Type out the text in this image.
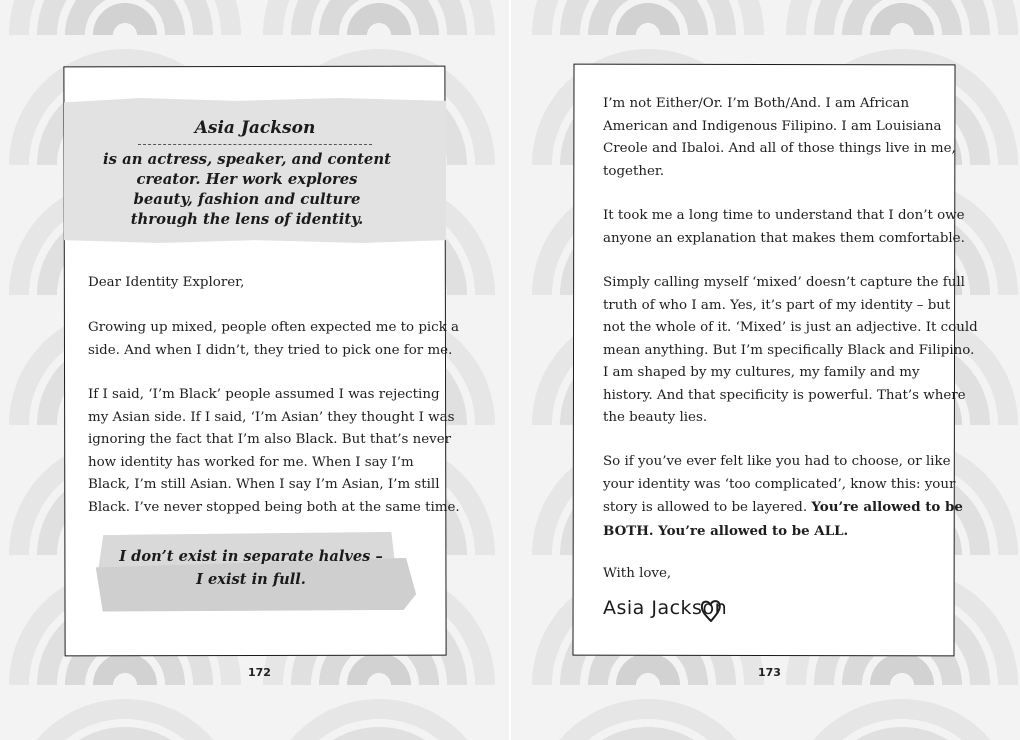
Asia Jackson
is an actress, speaker, and content
creator. Her work explores
beauty, fashion and culture
through the lens of identity.
Dear Identity Explorer,
Growing up mixed, people often expected me to pick a
side. And when I didn’t, they tried to pick one for me.
If I said, ‘I’m Black’ people assumed I was rejecting
my Asian side. If I said, ‘I’m Asian’ they thought I was
ignoring the fact that I’m also Black. But that’s never
how identity has worked for me. When I say I’m
Black, I’m still Asian. When I say I’m Asian, I’m still
Black. I’ve never stopped being both at the same time.
I don’t exist in separate halves –
I exist in full.
172
I’m not Either/Or. I’m Both/And. I am African
American and Indigenous Filipino. I am Louisiana
Creole and Ibaloi. And all of those things live in me,
together.
It took me a long time to understand that I don’t owe
anyone an explanation that makes them comfortable.
Simply calling myself ‘mixed’ doesn’t capture the full
truth of who I am. Yes, it’s part of my identity – but
not the whole of it. ‘Mixed’ is just an adjective. It could
mean anything. But I’m specifically Black and Filipino.
I am shaped by my cultures, my family and my
history. And that specificity is powerful. That’s where
the beauty lies.
So if you’ve ever felt like you had to choose, or like
your identity was ‘too complicated’, know this: your
story is allowed to be layered. You’re allowed to be
BOTH. You’re allowed to be ALL.
With love,
Asia Jackson
173
